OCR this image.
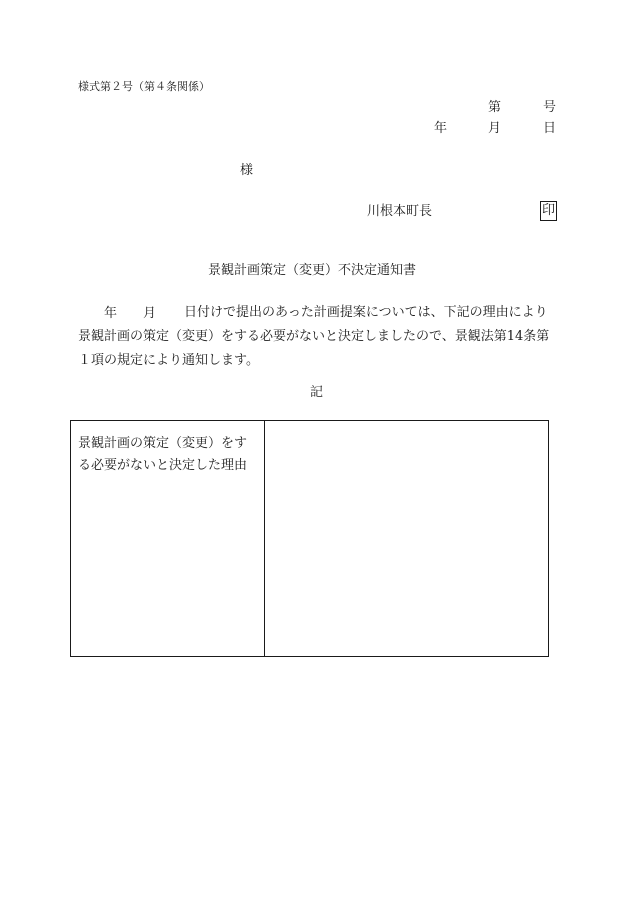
様式第２号（第４条関係）
第	号
年	月	日
様
川根本町長	印
景観計画策定（変更）不決定通知書
年 月	日付けで提出のあった計画提案については、下記の理由により景観計画の策定（変更）をする必要がないと決定しましたので、景観法第14条第１項の規定により通知します。
記
景観計画の策定（変更）をする必要がないと決定した理由
